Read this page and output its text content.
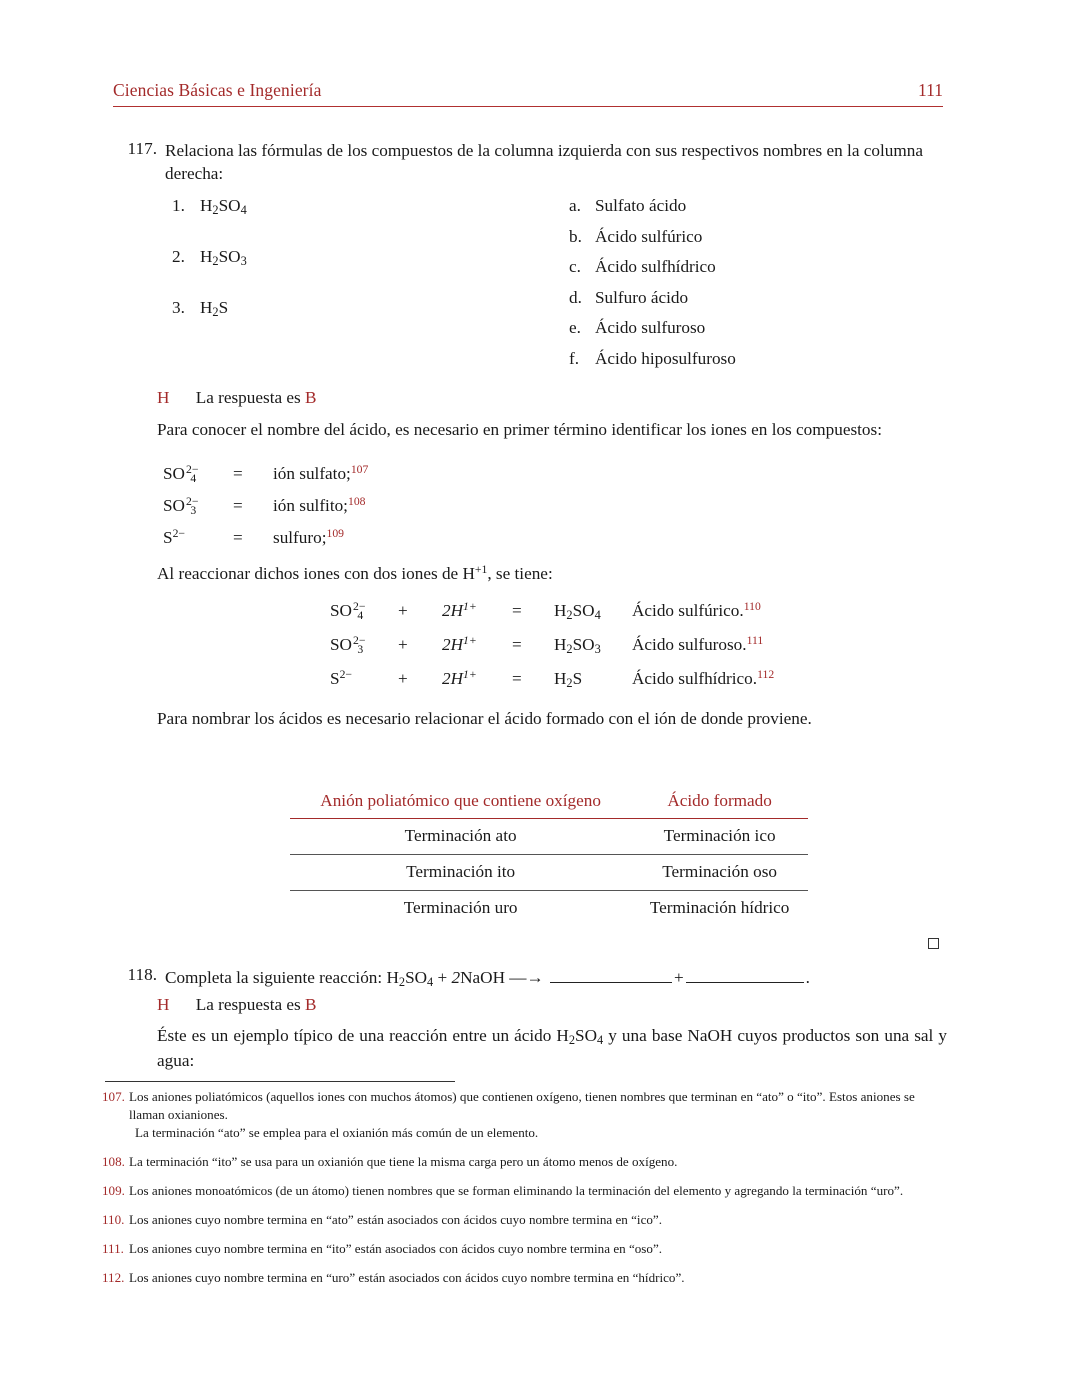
Ciencias Básicas e Ingeniería	111
117. Relaciona las fórmulas de los compuestos de la columna izquierda con sus respectivos nombres en la columna derecha:
1. $H_2SO_4$
2. $H_2SO_3$
3. $H_2S$
a. Sulfato ácido
b. Ácido sulfúrico
c. Ácido sulfhídrico
d. Sulfuro ácido
e. Ácido sulfuroso
f. Ácido hiposulfuroso
H La respuesta es B
Para conocer el nombre del ácido, es necesario en primer término identificar los iones en los compuestos:
$SO^{2-}_4$	=	ión sulfato;$^{107}$
$SO^{2-}_3$	=	ión sulfito;$^{108}$
$S^{2-}$	=	sulfuro;$^{109}$
Al reaccionar dichos iones con dos iones de $H^{+1}$, se tiene:
$SO^{2-}_4$	+	$2H^{1+}$	=	$H_2SO_4$	Ácido sulfúrico.$^{110}$
$SO^{2-}_3$	+	$2H^{1+}$	=	$H_2SO_3$	Ácido sulfuroso.$^{111}$
$S^{2-}$	+	$2H^{1+}$	=	$H_2S$	Ácido sulfhídrico.$^{112}$
Para nombrar los ácidos es necesario relacionar el ácido formado con el ión de donde proviene.
Anión poliatómico que contiene oxígeno	Ácido formado
Terminación ato	Terminación ico
Terminación ito	Terminación oso
Terminación uro	Terminación hídrico
118. Completa la siguiente reacción: $H_2SO_4$ + 2NaOH —→	+	.
H La respuesta es B
Éste es un ejemplo típico de una reacción entre un ácido $H_2SO_4$ y una base NaOH cuyos productos son una sal y agua:
107. Los aniones poliatómicos (aquellos iones con muchos átomos) que contienen oxígeno, tienen nombres que terminan en “ato” o “ito”. Estos aniones se llaman oxianiones.
La terminación “ato” se emplea para el oxianión más común de un elemento.
108. La terminación “ito” se usa para un oxianión que tiene la misma carga pero un átomo menos de oxígeno.
109. Los aniones monoatómicos (de un átomo) tienen nombres que se forman eliminando la terminación del elemento y agregando la terminación “uro”.
110. Los aniones cuyo nombre termina en “ato” están asociados con ácidos cuyo nombre termina en “ico”.
111. Los aniones cuyo nombre termina en “ito” están asociados con ácidos cuyo nombre termina en “oso”.
112. Los aniones cuyo nombre termina en “uro” están asociados con ácidos cuyo nombre termina en “hídrico”.
